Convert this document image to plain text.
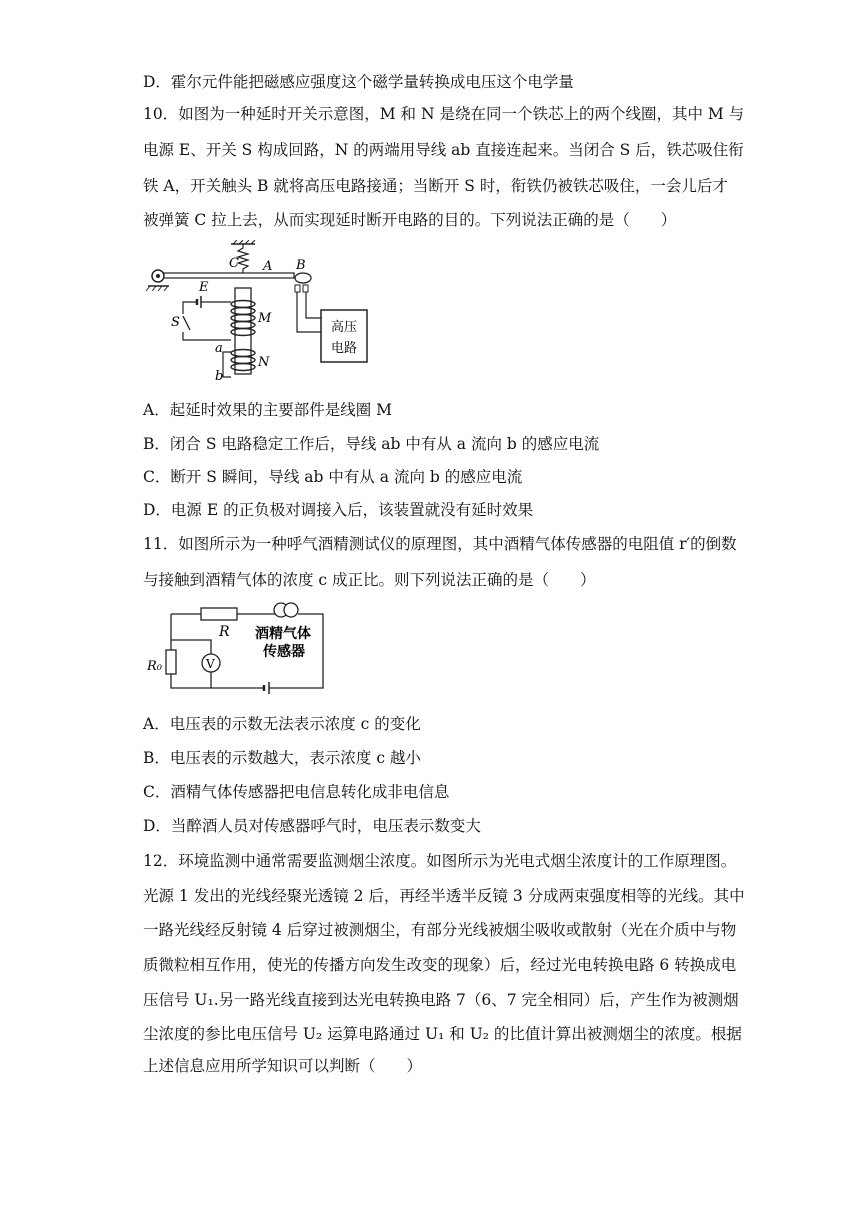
D．霍尔元件能把磁感应强度这个磁学量转换成电压这个电学量
10．如图为一种延时开关示意图，M 和 N 是绕在同一个铁芯上的两个线圈，其中 M 与
电源 E、开关 S 构成回路，N 的两端用导线 ab 直接连起来。当闭合 S 后，铁芯吸住衔
铁 A，开关触头 B 就将高压电路接通；当断开 S 时，衔铁仍被铁芯吸住，一会儿后才
被弹簧 C 拉上去，从而实现延时断开电路的目的。下列说法正确的是（　　）
C A B
高压
电路
M
N
E
S
a
b
A．起延时效果的主要部件是线圈 M
B．闭合 S 电路稳定工作后，导线 ab 中有从 a 流向 b 的感应电流
C．断开 S 瞬间，导线 ab 中有从 a 流向 b 的感应电流
D．电源 E 的正负极对调接入后，该装置就没有延时效果
11．如图所示为一种呼气酒精测试仪的原理图，其中酒精气体传感器的电阻值 r′的倒数
与接触到酒精气体的浓度 c 成正比。则下列说法正确的是（　　）
V
R
R₀
酒精气体
传感器
A．电压表的示数无法表示浓度 c 的变化
B．电压表的示数越大，表示浓度 c 越小
C．酒精气体传感器把电信息转化成非电信息
D．当醉酒人员对传感器呼气时，电压表示数变大
12．环境监测中通常需要监测烟尘浓度。如图所示为光电式烟尘浓度计的工作原理图。
光源 1 发出的光线经聚光透镜 2 后，再经半透半反镜 3 分成两束强度相等的光线。其中
一路光线经反射镜 4 后穿过被测烟尘，有部分光线被烟尘吸收或散射（光在介质中与物
质微粒相互作用，使光的传播方向发生改变的现象）后，经过光电转换电路 6 转换成电
压信号 U₁.另一路光线直接到达光电转换电路 7（6、7 完全相同）后，产生作为被测烟
尘浓度的参比电压信号 U₂ 运算电路通过 U₁ 和 U₂ 的比值计算出被测烟尘的浓度。根据
上述信息应用所学知识可以判断（　　）
